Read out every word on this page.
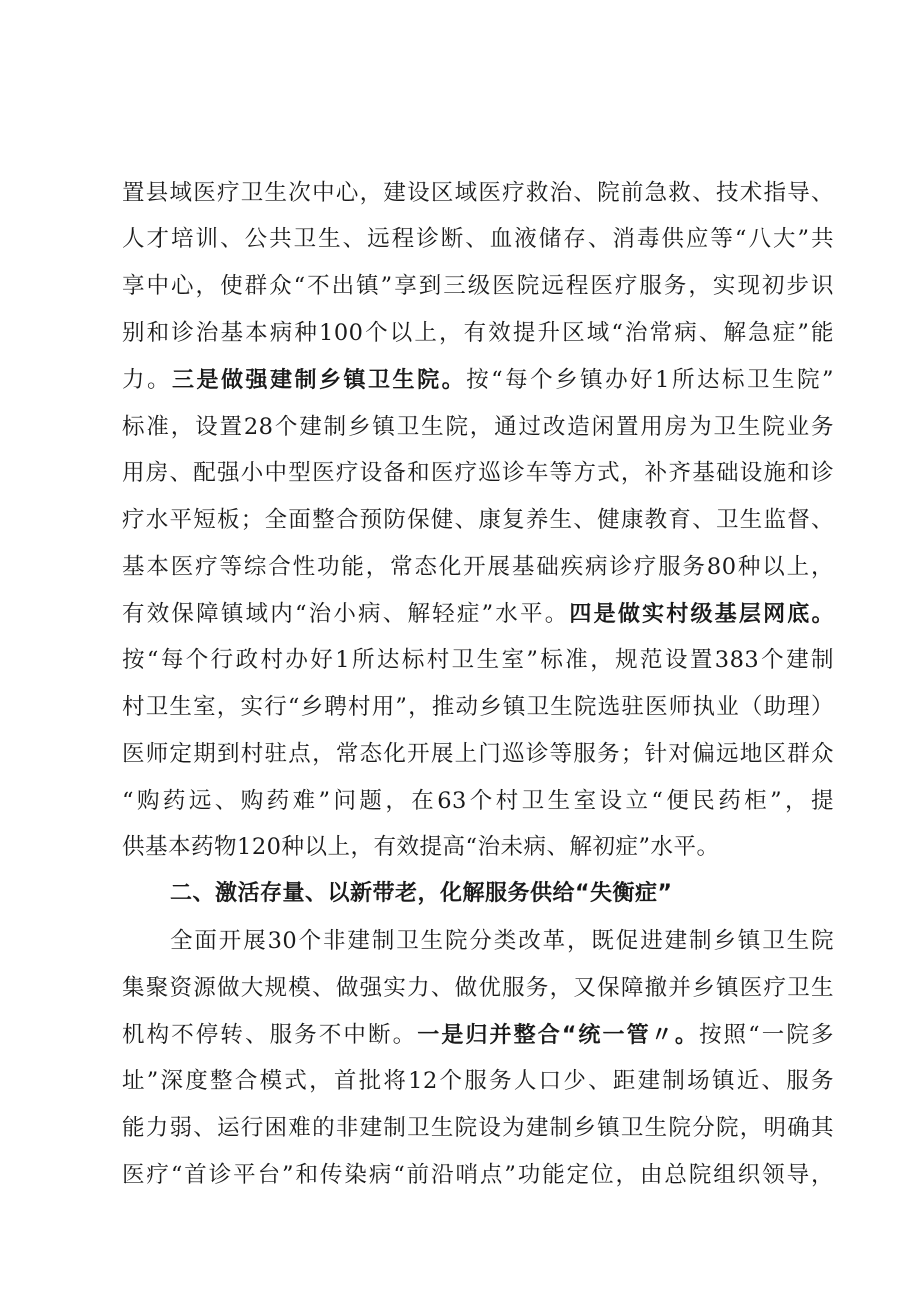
置县域医疗卫生次中心，建设区域医疗救治、院前急救、技术指导、
人才培训、公共卫生、远程诊断、血液储存、消毒供应等“八大”共
享中心，使群众“不出镇”享到三级医院远程医疗服务，实现初步识
别和诊治基本病种100个以上，有效提升区域“治常病、解急症”能
力。三是做强建制乡镇卫生院。按“每个乡镇办好1所达标卫生院”
标准，设置28个建制乡镇卫生院，通过改造闲置用房为卫生院业务
用房、配强小中型医疗设备和医疗巡诊车等方式，补齐基础设施和诊
疗水平短板；全面整合预防保健、康复养生、健康教育、卫生监督、
基本医疗等综合性功能，常态化开展基础疾病诊疗服务80种以上，
有效保障镇域内“治小病、解轻症”水平。四是做实村级基层网底。
按“每个行政村办好1所达标村卫生室”标准，规范设置383个建制
村卫生室，实行“乡聘村用”，推动乡镇卫生院选驻医师执业（助理）
医师定期到村驻点，常态化开展上门巡诊等服务；针对偏远地区群众
“购药远、购药难”问题，在63个村卫生室设立“便民药柜”，提
供基本药物120种以上，有效提高“治未病、解初症”水平。
二、激活存量、以新带老，化解服务供给“失衡症”
全面开展30个非建制卫生院分类改革，既促进建制乡镇卫生院
集聚资源做大规模、做强实力、做优服务，又保障撤并乡镇医疗卫生
机构不停转、服务不中断。一是归并整合“统一管〃。按照“一院多
址”深度整合模式，首批将12个服务人口少、距建制场镇近、服务
能力弱、运行困难的非建制卫生院设为建制乡镇卫生院分院，明确其
医疗“首诊平台”和传染病“前沿哨点”功能定位，由总院组织领导，
